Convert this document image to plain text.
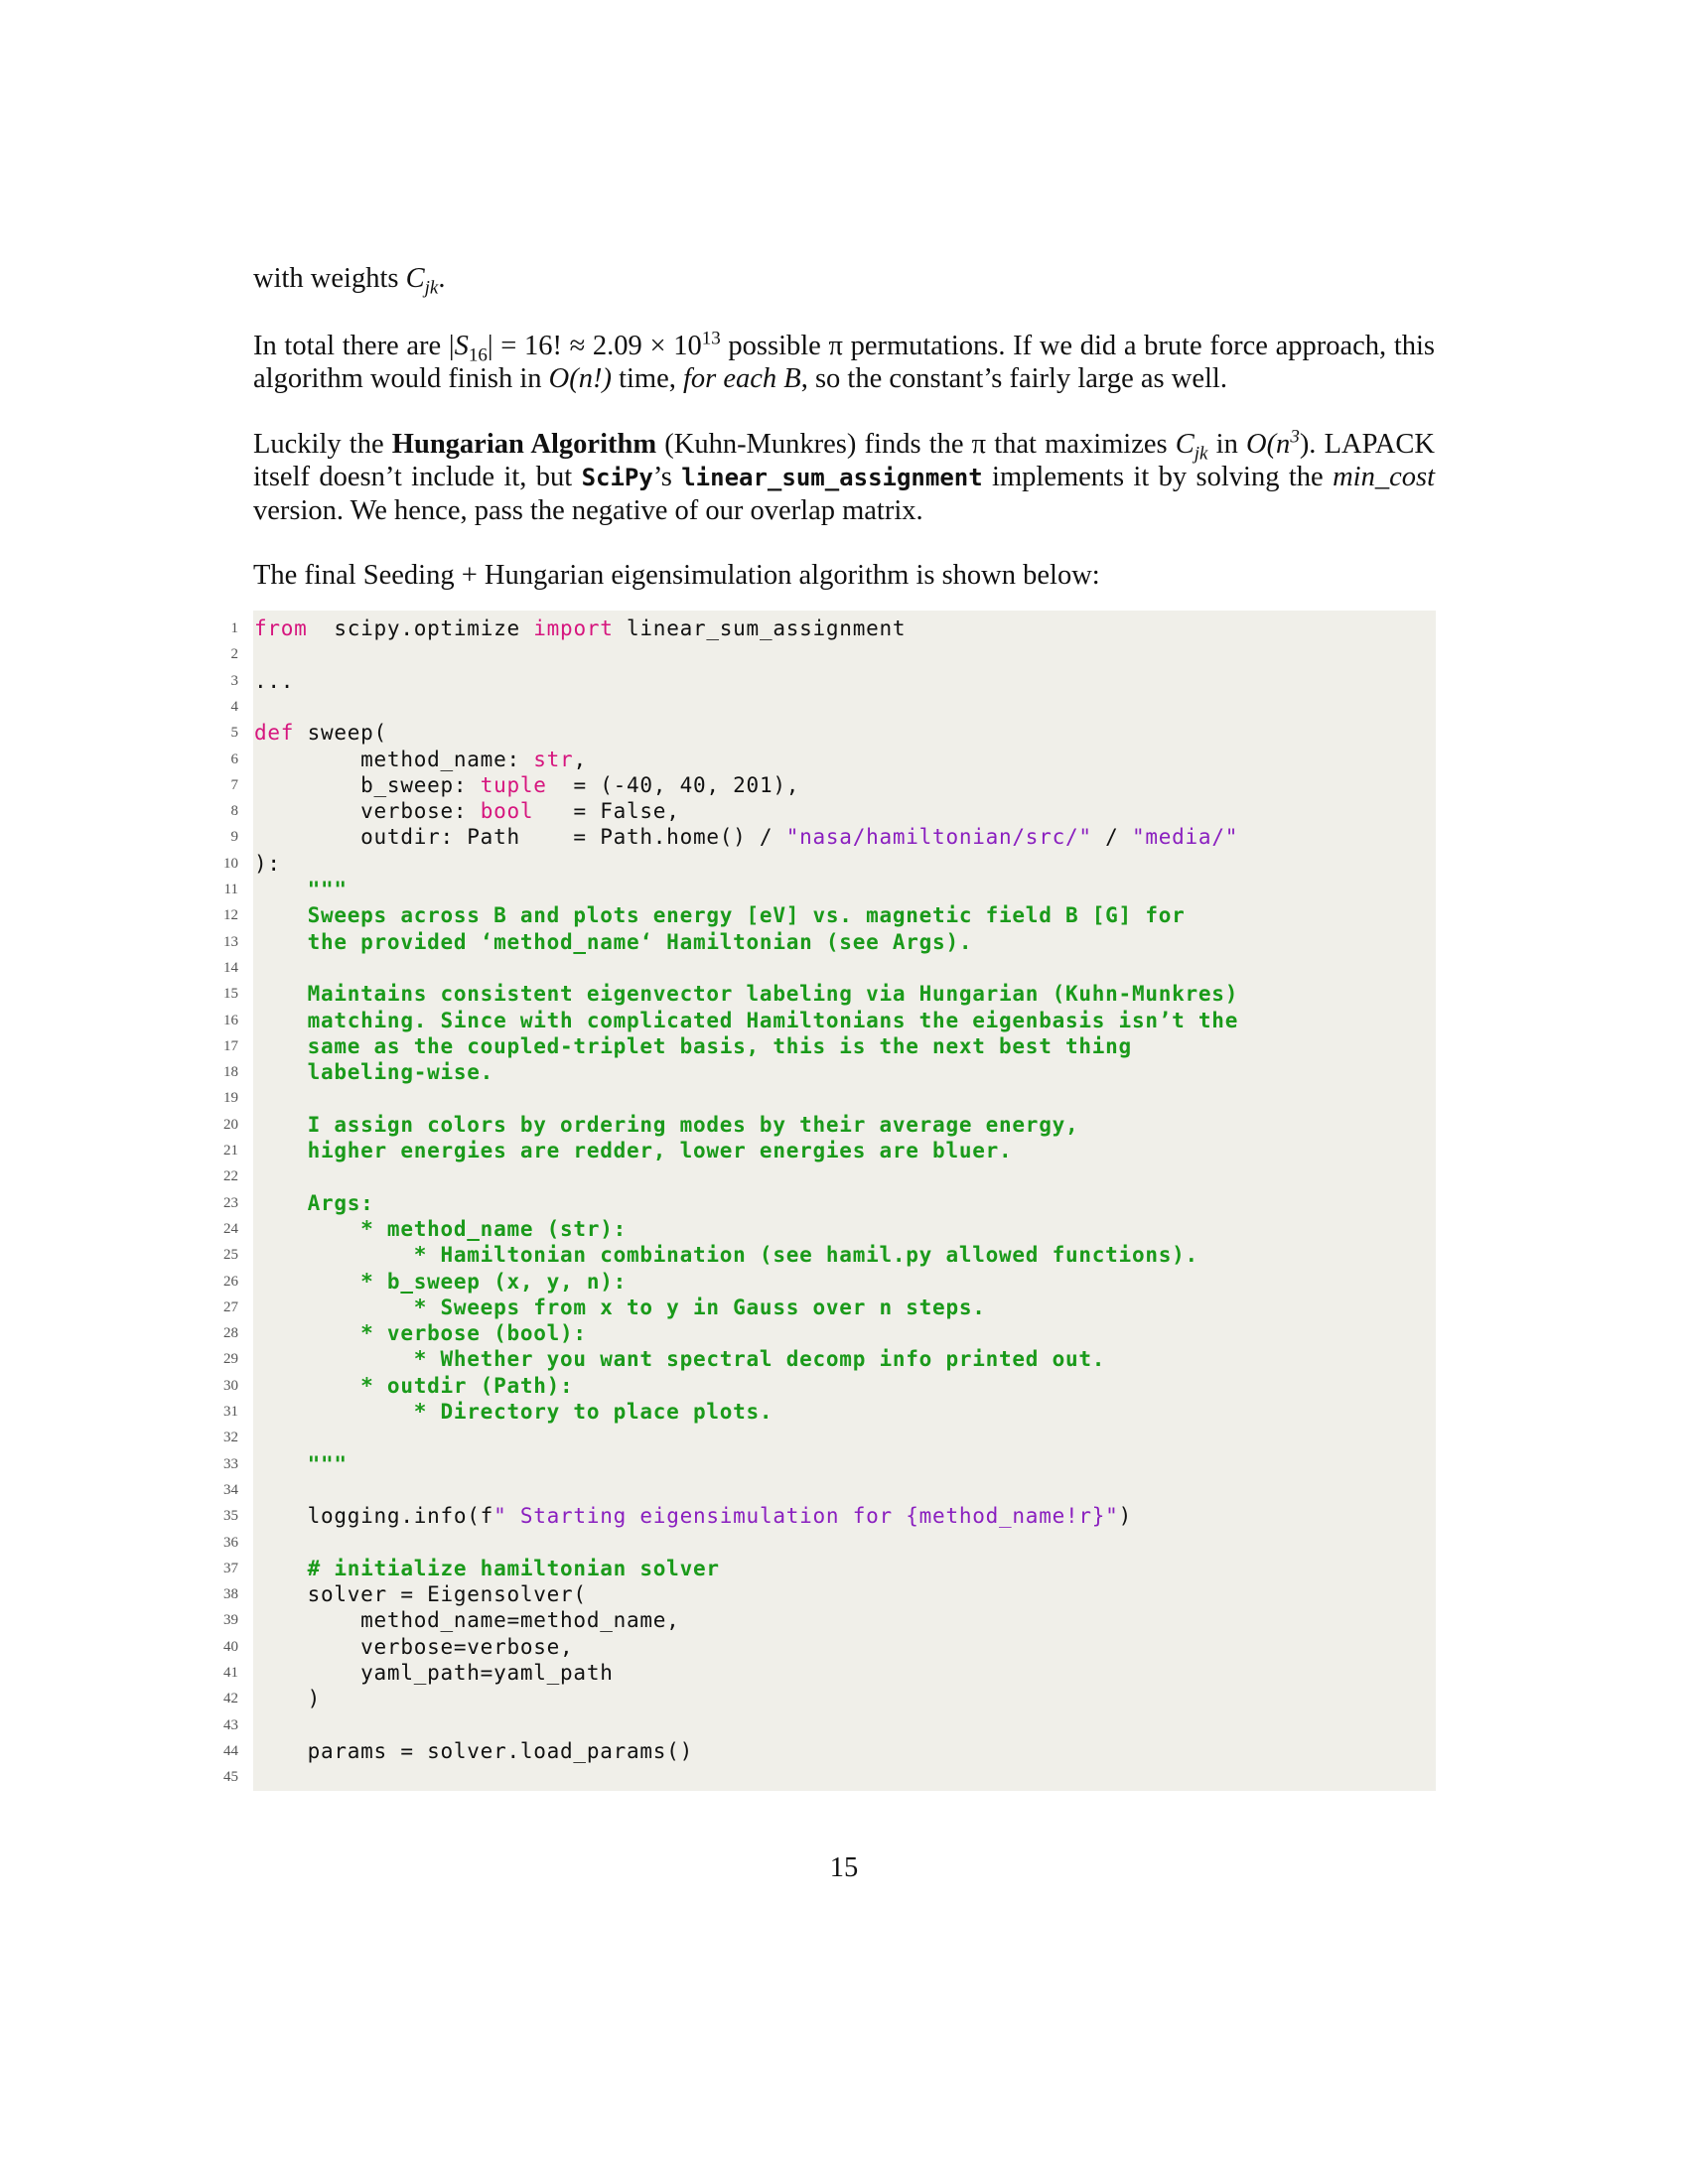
with weights $C_{jk}$.
In total there are $|S_{16}| = 16$! ≈ $2.09 \times 10^{13}$ possible π permutations. If we did a brute force approach, this algorithm would finish in O(n!) time, for each B, so the constant’s fairly large as well.
Luckily the Hungarian Algorithm (Kuhn-Munkres) finds the π that maximizes $C_{jk}$ in $O(n^3)$. LAPACK itself doesn’t include it, but SciPy’s linear_sum_assignment implements it by solving the min_cost version. We hence, pass the negative of our overlap matrix.
The final Seeding + Hungarian eigensimulation algorithm is shown below:
1
2
3
4
5
6
7
8
9
10
11
12
13
14
15
16
17
18
19
20
21
22
23
24
25
26
27
28
29
30
31
32
33
34
35
36
37
38
39
40
41
42
43
44
45
from  scipy.optimize import linear_sum_assignment
...
def sweep(
method_name: str,
b_sweep: tuple  = (-40, 40, 201),
verbose: bool   = False,
outdir: Path    = Path.home() / "nasa/hamiltonian/src/" / "media/"
):
"""
Sweeps across B and plots energy [eV] vs. magnetic field B [G] for
the provided ‘method_name‘ Hamiltonian (see Args).
Maintains consistent eigenvector labeling via Hungarian (Kuhn-Munkres)
matching. Since with complicated Hamiltonians the eigenbasis isn’t the
same as the coupled-triplet basis, this is the next best thing
labeling-wise.
I assign colors by ordering modes by their average energy,
higher energies are redder, lower energies are bluer.
Args:
* method_name (str):
* Hamiltonian combination (see hamil.py allowed functions).
* b_sweep (x, y, n):
* Sweeps from x to y in Gauss over n steps.
* verbose (bool):
* Whether you want spectral decomp info printed out.
* outdir (Path):
* Directory to place plots.
"""
logging.info(f" Starting eigensimulation for {method_name!r}")
# initialize hamiltonian solver
solver = Eigensolver(
method_name=method_name,
verbose=verbose,
yaml_path=yaml_path
)
params = solver.load_params()
15
